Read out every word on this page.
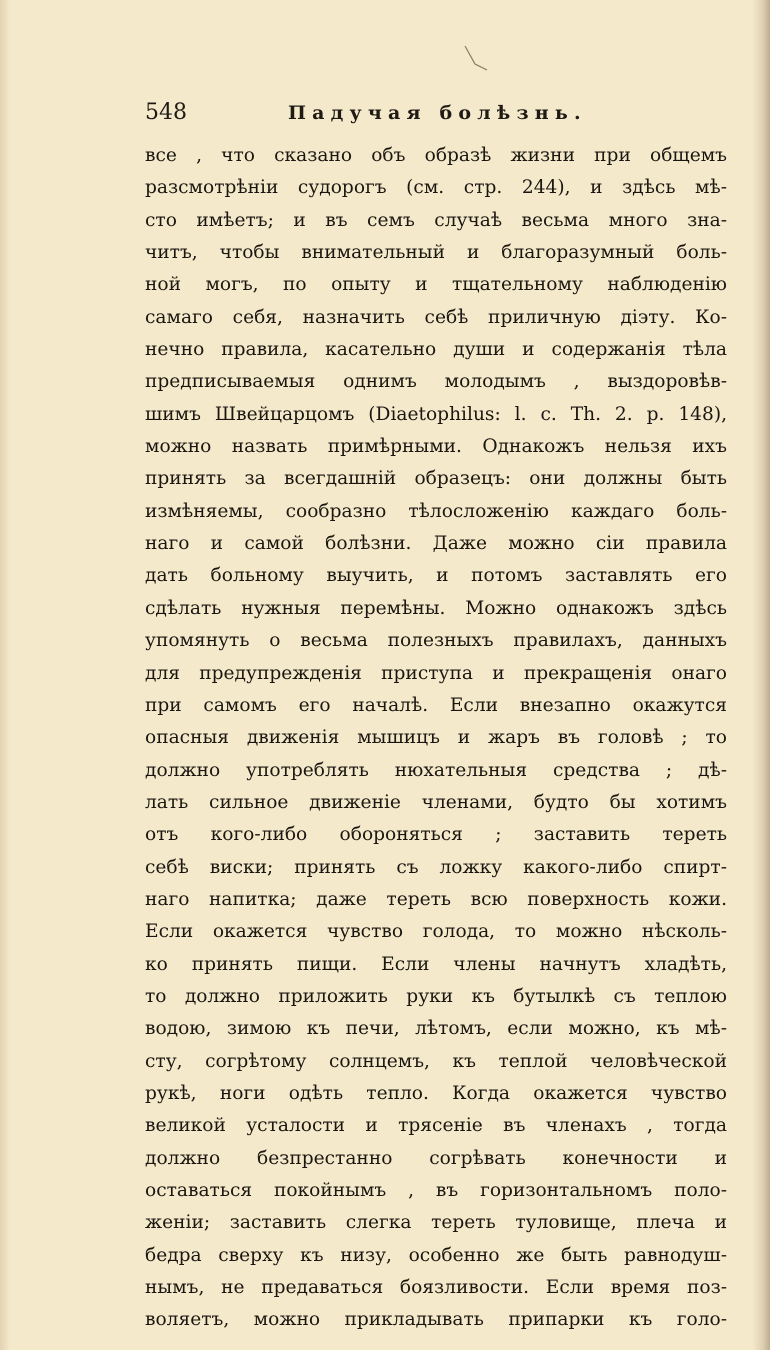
548	Падучая болѣзнь.
все , что сказано объ образѣ жизни при общемъ
разсмотрѣніи судорогъ (см. стр. 244), и здѣсь мѣ-
сто имѣетъ; и въ семъ случаѣ весьма много зна-
читъ, чтобы внимательный и благоразумный боль-
ной могъ, по опыту и тщательному наблюденію
самаго себя, назначить себѣ приличную діэту. Ко-
нечно правила, касательно души и содержанія тѣла
предписываемыя однимъ молодымъ , выздоровѣв-
шимъ Швейцарцомъ (Diaetophilus: l. c. Th. 2. p. 148),
можно назвать примѣрными. Однакожъ нельзя ихъ
принять за всегдашній образецъ: они должны быть
измѣняемы, сообразно тѣлосложенію каждаго боль-
наго и самой болѣзни. Даже можно сіи правила
дать больному выучить, и потомъ заставлять его
сдѣлать нужныя перемѣны. Можно однакожъ здѣсь
упомянуть о весьма полезныхъ правилахъ, данныхъ
для предупрежденія приступа и прекращенія онаго
при самомъ его началѣ. Если внезапно окажутся
опасныя движенія мышицъ и жаръ въ головѣ ; то
должно употреблять нюхательныя средства ; дѣ-
лать сильное движеніе членами, будто бы хотимъ
отъ кого-либо обороняться ; заставить тереть
себѣ виски; принять съ ложку какого-либо спирт-
наго напитка; даже тереть всю поверхность кожи.
Если окажется чувство голода, то можно нѣсколь-
ко принять пищи. Если члены начнутъ хладѣть,
то должно приложить руки къ бутылкѣ съ теплою
водою, зимою къ печи, лѣтомъ, если можно, къ мѣ-
сту, согрѣтому солнцемъ, къ теплой человѣческой
рукѣ, ноги одѣть тепло. Когда окажется чувство
великой усталости и трясеніе въ членахъ , тогда
должно безпрестанно согрѣвать конечности и
оставаться покойнымъ , въ горизонтальномъ поло-
женіи; заставить слегка тереть туловище, плеча и
бедра сверху къ низу, особенно же быть равнодуш-
нымъ, не предаваться боязливости. Если время поз-
воляетъ, можно прикладывать припарки къ голо-
